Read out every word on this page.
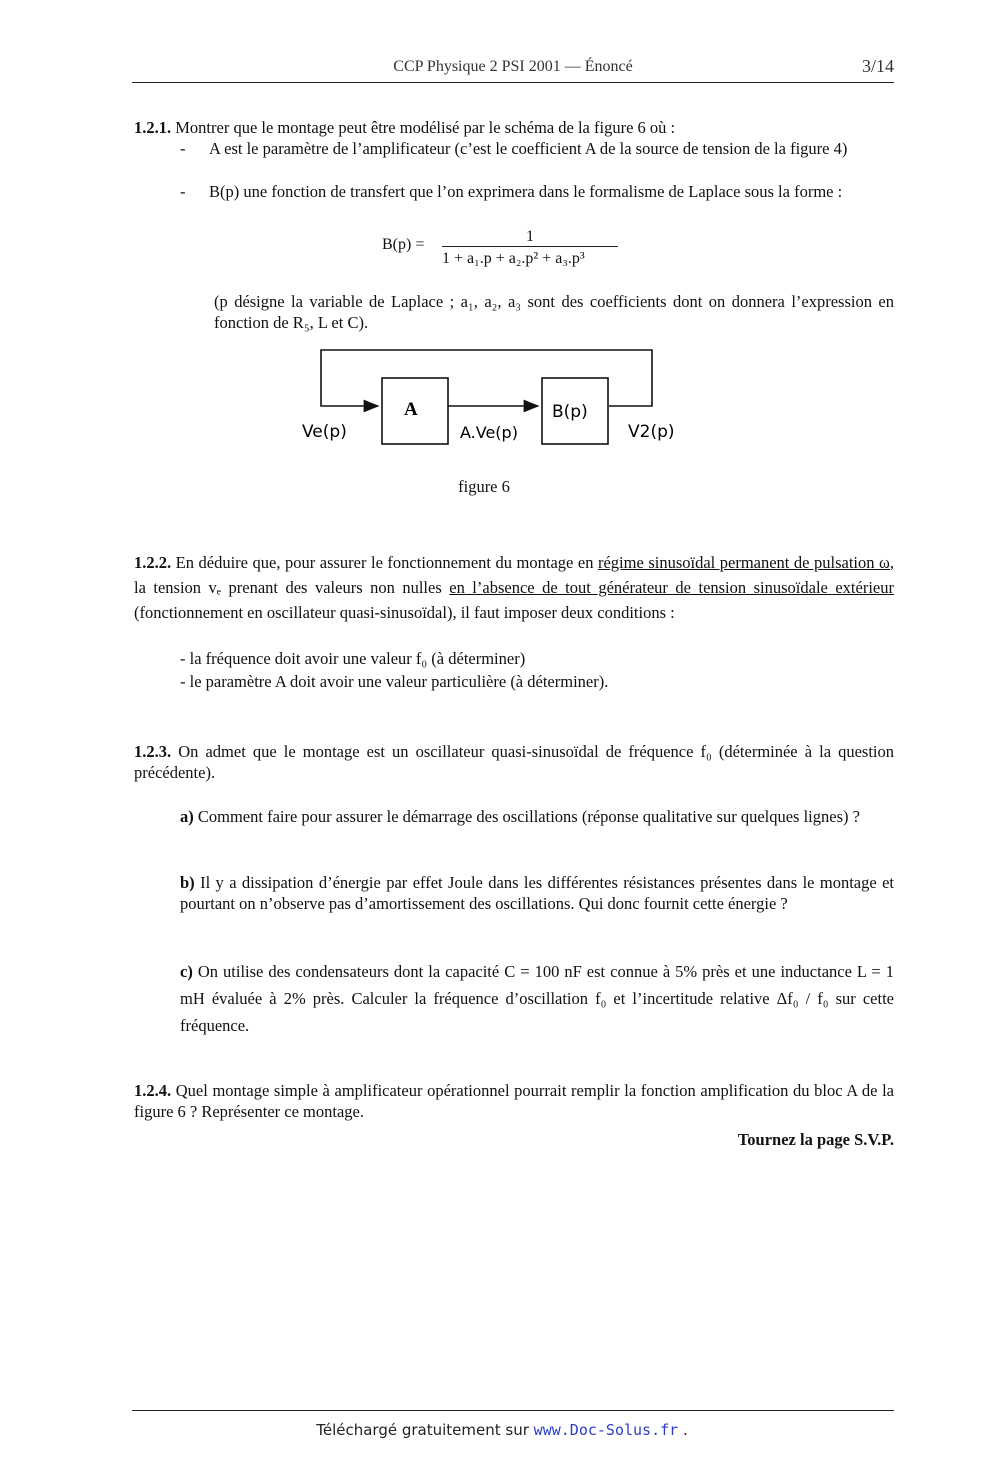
CCP Physique 2 PSI 2001 — Énoncé	3/14
1.2.1. Montrer que le montage peut être modélisé par le schéma de la figure 6 où :
- A est le paramètre de l’amplificateur (c’est le coefficient A de la source de tension de la figure 4)
- B(p) une fonction de transfert que l’on exprimera dans le formalisme de Laplace sous la forme :
B(p) =	1
1 + a₁.p + a₂.p² + a₃.p³
(p désigne la variable de Laplace ; a₁, a₂, a₃ sont des coefficients dont on donnera l’expression en fonction de R₅, L et C).
A	B(p)
Ve(p)	A.Ve(p)	V2(p)
figure 6
1.2.2. En déduire que, pour assurer le fonctionnement du montage en régime sinusoïdal permanent de pulsation ω, la tension vₑ prenant des valeurs non nulles en l’absence de tout générateur de tension sinusoïdale extérieur (fonctionnement en oscillateur quasi-sinusoïdal), il faut imposer deux conditions :
- la fréquence doit avoir une valeur f₀ (à déterminer)
- le paramètre A doit avoir une valeur particulière (à déterminer).
1.2.3. On admet que le montage est un oscillateur quasi-sinusoïdal de fréquence f₀ (déterminée à la question précédente).
a) Comment faire pour assurer le démarrage des oscillations (réponse qualitative sur quelques lignes) ?
b) Il y a dissipation d’énergie par effet Joule dans les différentes résistances présentes dans le montage et pourtant on n’observe pas d’amortissement des oscillations. Qui donc fournit cette énergie ?
c) On utilise des condensateurs dont la capacité C = 100 nF est connue à 5% près et une inductance L = 1 mH évaluée à 2% près. Calculer la fréquence d’oscillation f₀ et l’incertitude relative Δf₀ / f₀ sur cette fréquence.
1.2.4. Quel montage simple à amplificateur opérationnel pourrait remplir la fonction amplification du bloc A de la figure 6 ? Représenter ce montage.
Tournez la page S.V.P.
Téléchargé gratuitement sur www.Doc-Solus.fr .
